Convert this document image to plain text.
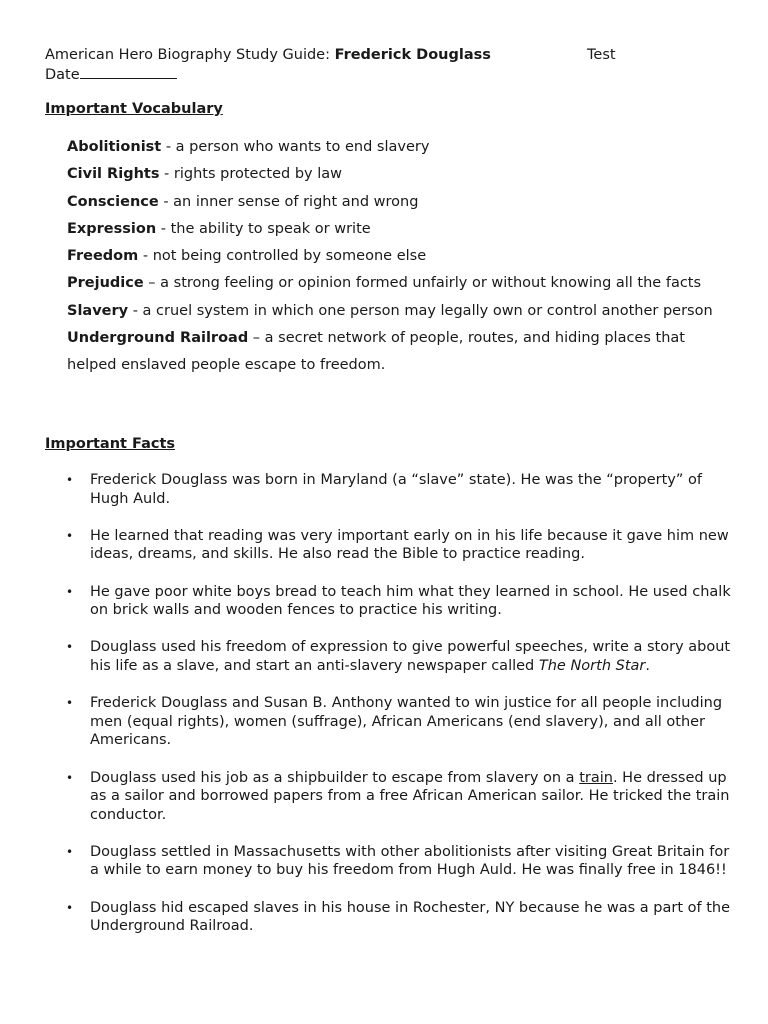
American Hero Biography Study Guide: Frederick Douglass	Test
Date
Important Vocabulary
Abolitionist - a person who wants to end slavery
Civil Rights - rights protected by law
Conscience - an inner sense of right and wrong
Expression - the ability to speak or write
Freedom - not being controlled by someone else
Prejudice – a strong feeling or opinion formed unfairly or without knowing all the facts
Slavery - a cruel system in which one person may legally own or control another person
Underground Railroad – a secret network of people, routes, and hiding places that helped enslaved people escape to freedom.
Important Facts
• Frederick Douglass was born in Maryland (a “slave” state). He was the “property” of Hugh Auld.
• He learned that reading was very important early on in his life because it gave him new ideas, dreams, and skills. He also read the Bible to practice reading.
• He gave poor white boys bread to teach him what they learned in school. He used chalk on brick walls and wooden fences to practice his writing.
• Douglass used his freedom of expression to give powerful speeches, write a story about his life as a slave, and start an anti-slavery newspaper called The North Star.
• Frederick Douglass and Susan B. Anthony wanted to win justice for all people including men (equal rights), women (suffrage), African Americans (end slavery), and all other Americans.
• Douglass used his job as a shipbuilder to escape from slavery on a train. He dressed up as a sailor and borrowed papers from a free African American sailor. He tricked the train conductor.
• Douglass settled in Massachusetts with other abolitionists after visiting Great Britain for a while to earn money to buy his freedom from Hugh Auld. He was finally free in 1846!!
• Douglass hid escaped slaves in his house in Rochester, NY because he was a part of the Underground Railroad.
